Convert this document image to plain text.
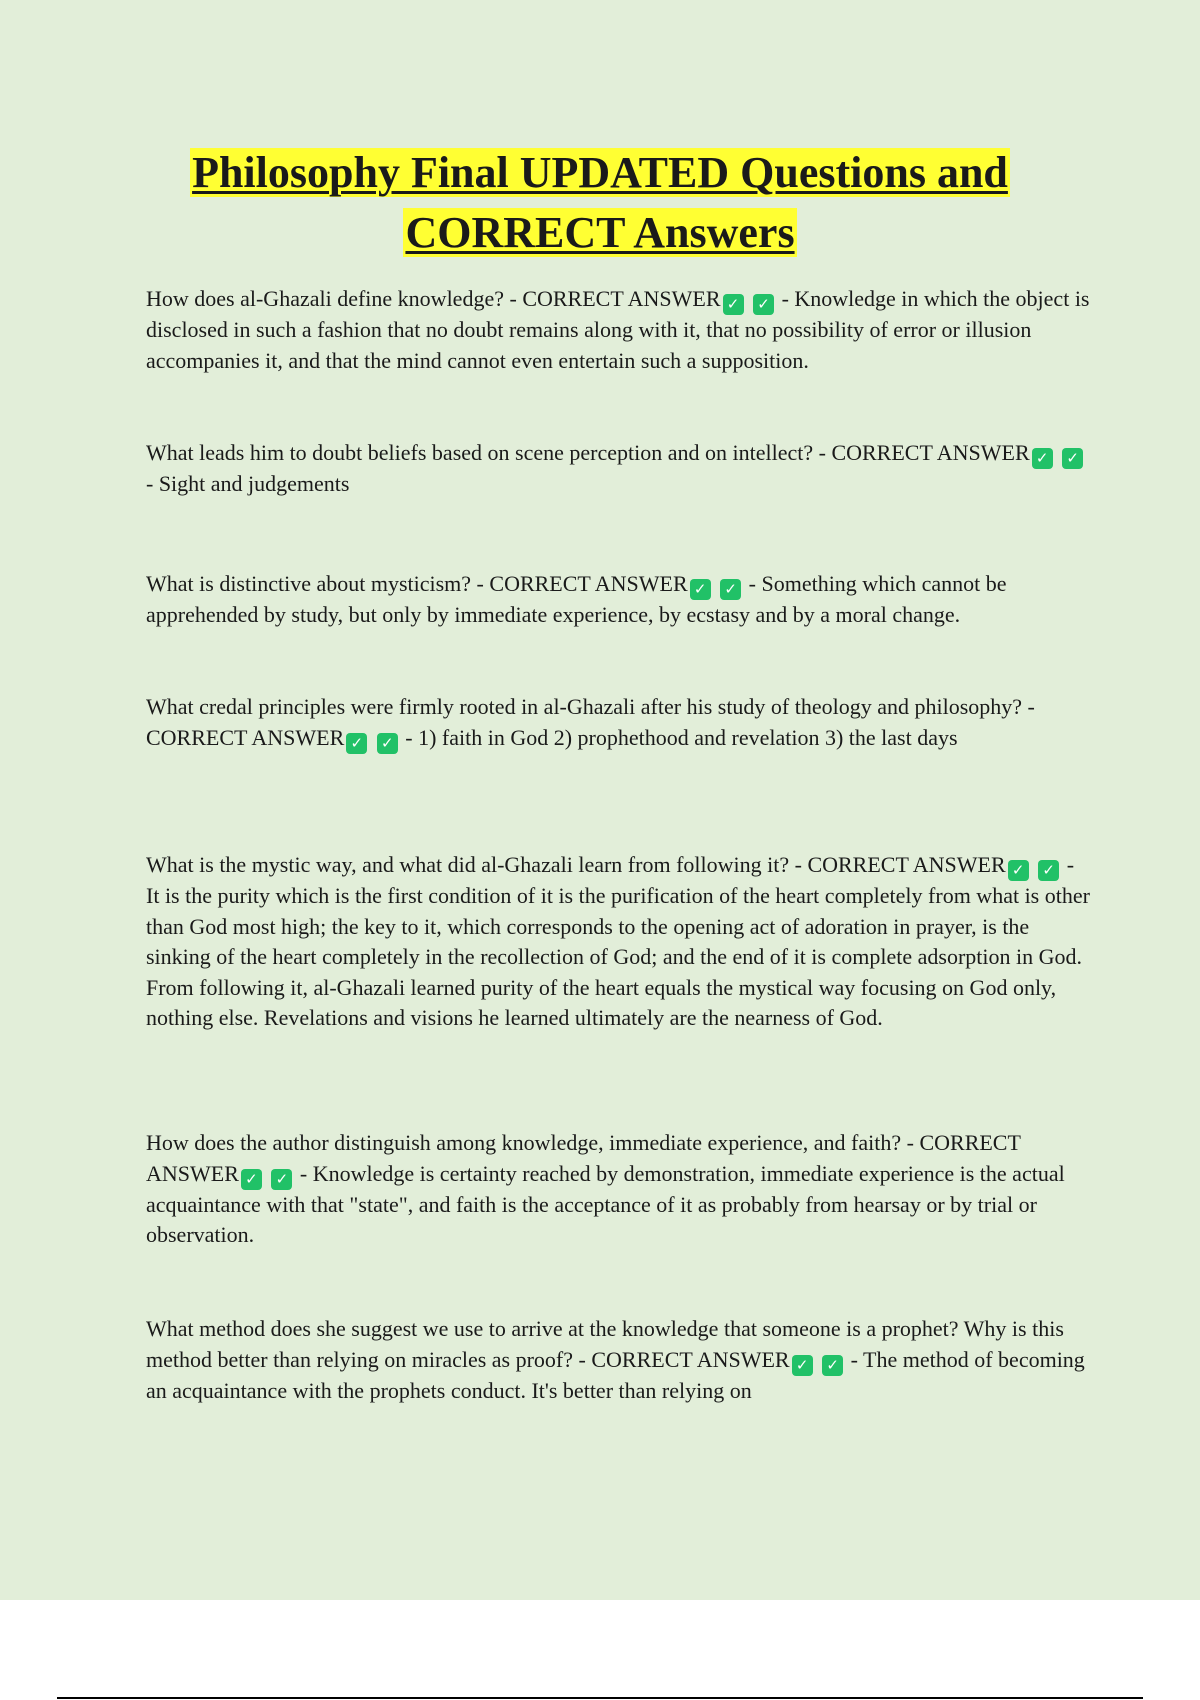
Philosophy Final UPDATED Questions and
CORRECT Answers

How does al-Ghazali define knowledge? - CORRECT ANSWER ✓ ✓ - Knowledge in which the object is disclosed in such a fashion that no doubt remains along with it, that no possibility of error or illusion accompanies it, and that the mind cannot even entertain such a supposition.

What leads him to doubt beliefs based on scene perception and on intellect? - CORRECT ANSWER ✓ ✓ - Sight and judgements

What is distinctive about mysticism? - CORRECT ANSWER ✓ ✓ - Something which cannot be apprehended by study, but only by immediate experience, by ecstasy and by a moral change.

What credal principles were firmly rooted in al-Ghazali after his study of theology and philosophy? - CORRECT ANSWER ✓ ✓ - 1) faith in God 2) prophethood and revelation 3) the last days

What is the mystic way, and what did al-Ghazali learn from following it? - CORRECT ANSWER ✓ ✓ - It is the purity which is the first condition of it is the purification of the heart completely from what is other than God most high; the key to it, which corresponds to the opening act of adoration in prayer, is the sinking of the heart completely in the recollection of God; and the end of it is complete adsorption in God. From following it, al-Ghazali learned purity of the heart equals the mystical way focusing on God only, nothing else. Revelations and visions he learned ultimately are the nearness of God.

How does the author distinguish among knowledge, immediate experience, and faith? - CORRECT ANSWER ✓ ✓ - Knowledge is certainty reached by demonstration, immediate experience is the actual acquaintance with that "state", and faith is the acceptance of it as probably from hearsay or by trial or observation.

What method does she suggest we use to arrive at the knowledge that someone is a prophet? Why is this method better than relying on miracles as proof? - CORRECT ANSWER ✓ ✓ - The method of becoming an acquaintance with the prophets conduct. It's better than relying on
